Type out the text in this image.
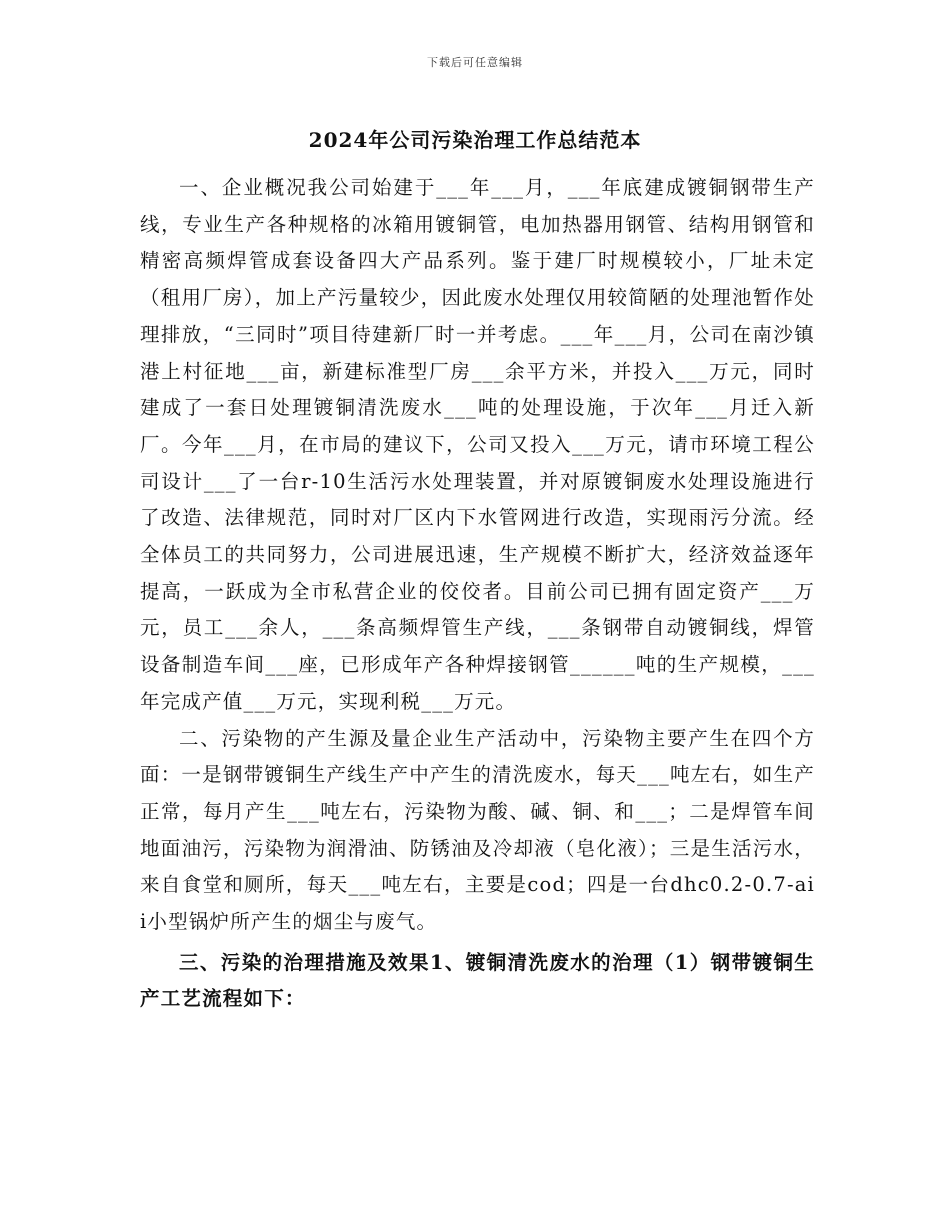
下载后可任意编辑
2024年公司污染治理工作总结范本

一、企业概况我公司始建于___年___月，___年底建成镀铜钢带生产线，专业生产各种规格的冰箱用镀铜管，电加热器用钢管、结构用钢管和精密高频焊管成套设备四大产品系列。鉴于建厂时规模较小，厂址未定（租用厂房），加上产污量较少，因此废水处理仅用较简陋的处理池暂作处理排放，“三同时”项目待建新厂时一并考虑。___年___月，公司在南沙镇港上村征地___亩，新建标准型厂房___余平方米，并投入___万元，同时建成了一套日处理镀铜清洗废水___吨的处理设施，于次年___月迁入新厂。今年___月，在市局的建议下，公司又投入___万元，请市环境工程公司设计___了一台r-10生活污水处理装置，并对原镀铜废水处理设施进行了改造、法律规范，同时对厂区内下水管网进行改造，实现雨污分流。经全体员工的共同努力，公司进展迅速，生产规模不断扩大，经济效益逐年提高，一跃成为全市私营企业的佼佼者。目前公司已拥有固定资产___万元，员工___余人，___条高频焊管生产线，___条钢带自动镀铜线，焊管设备制造车间___座，已形成年产各种焊接钢管______吨的生产规模，___年完成产值___万元，实现利税___万元。

二、污染物的产生源及量企业生产活动中，污染物主要产生在四个方面：一是钢带镀铜生产线生产中产生的清洗废水，每天___吨左右，如生产正常，每月产生___吨左右，污染物为酸、碱、铜、和___；二是焊管车间地面油污，污染物为润滑油、防锈油及冷却液（皂化液）；三是生活污水，来自食堂和厕所，每天___吨左右，主要是cod；四是一台dhc0.2-0.7-aii小型锅炉所产生的烟尘与废气。

三、污染的治理措施及效果1、镀铜清洗废水的治理（1）钢带镀铜生产工艺流程如下：
